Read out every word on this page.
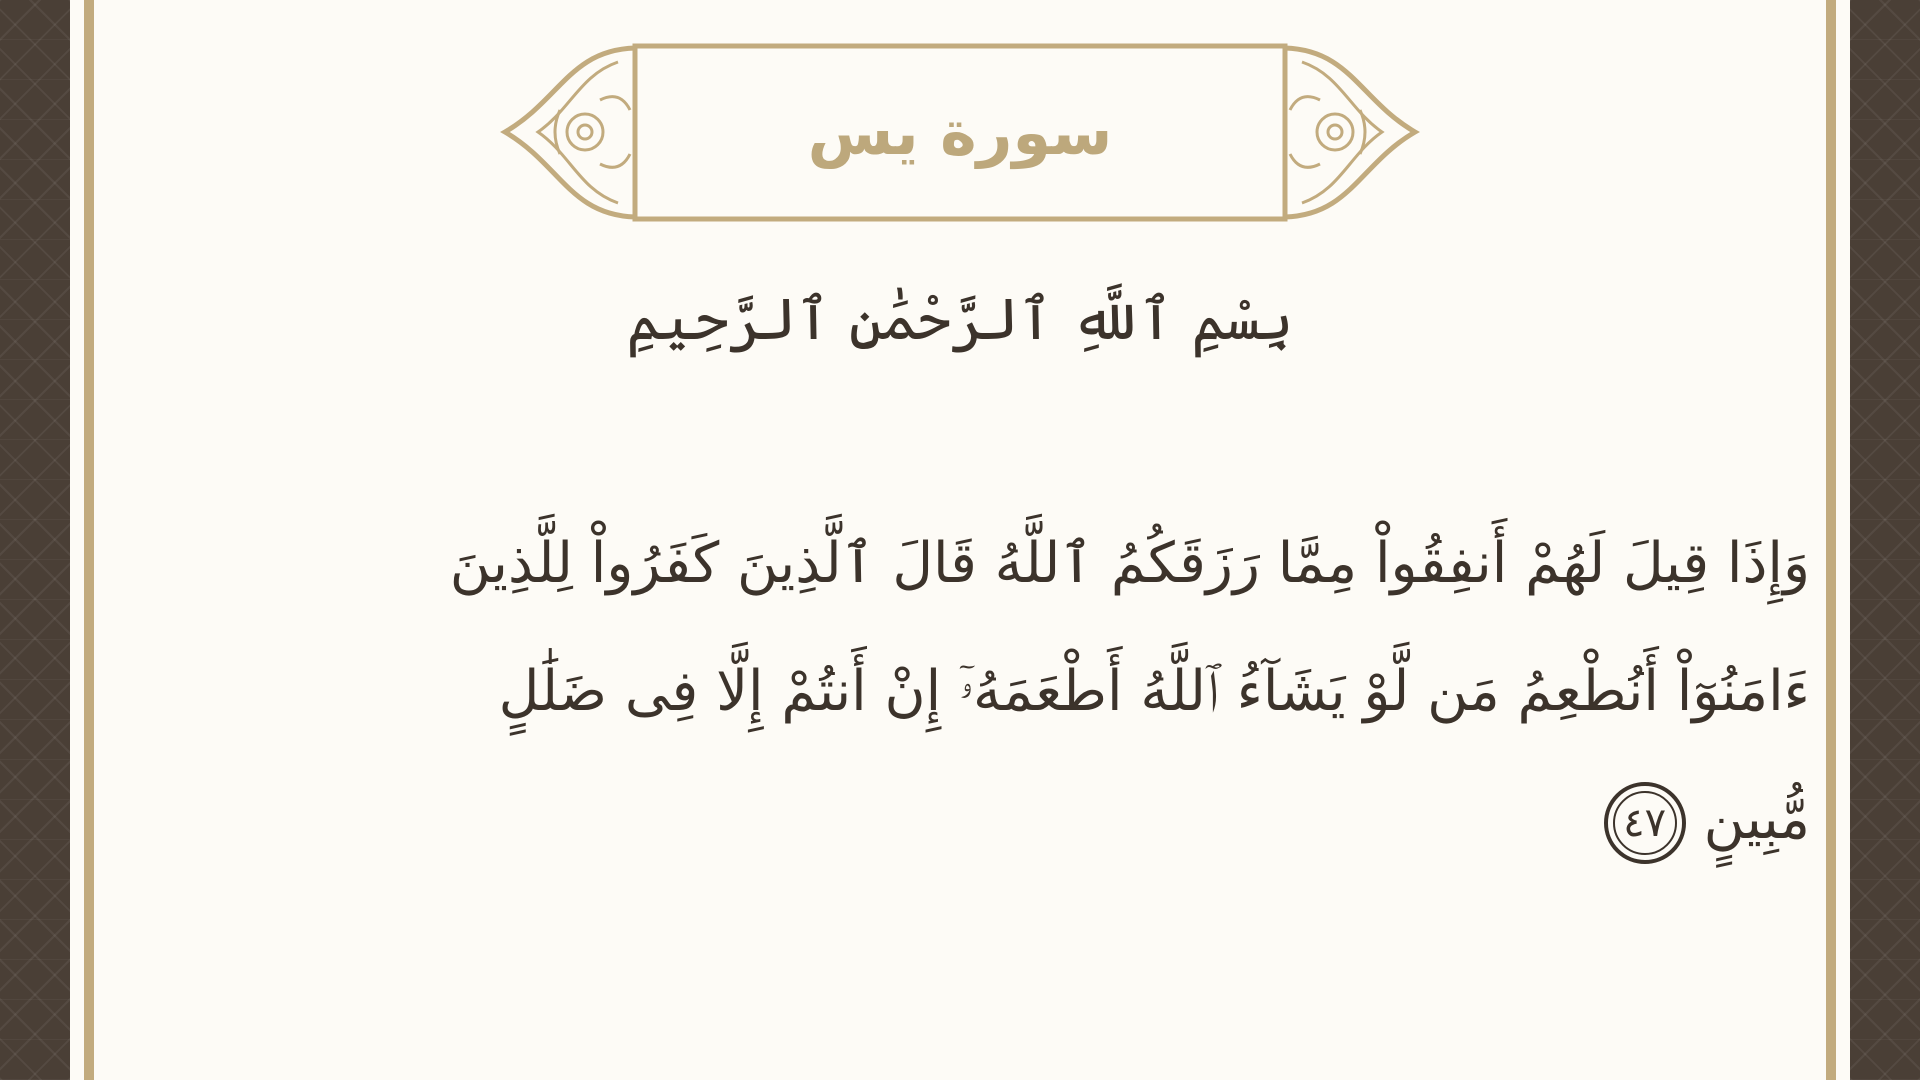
سورة يس
بِسْمِ ٱللَّهِ ٱلرَّحْمَٰنِ ٱلرَّحِيمِ
وَإِذَا قِيلَ لَهُمْ أَنفِقُواْ مِمَّا رَزَقَكُمُ ٱللَّهُ قَالَ ٱلَّذِينَ كَفَرُواْ لِلَّذِينَ
ءَامَنُوٓاْ أَنُطْعِمُ مَن لَّوْ يَشَآءُ ٱللَّهُ أَطْعَمَهُۥٓ إِنْ أَنتُمْ إِلَّا فِى ضَلَٰلٍ
مُّبِينٍ٤٧
